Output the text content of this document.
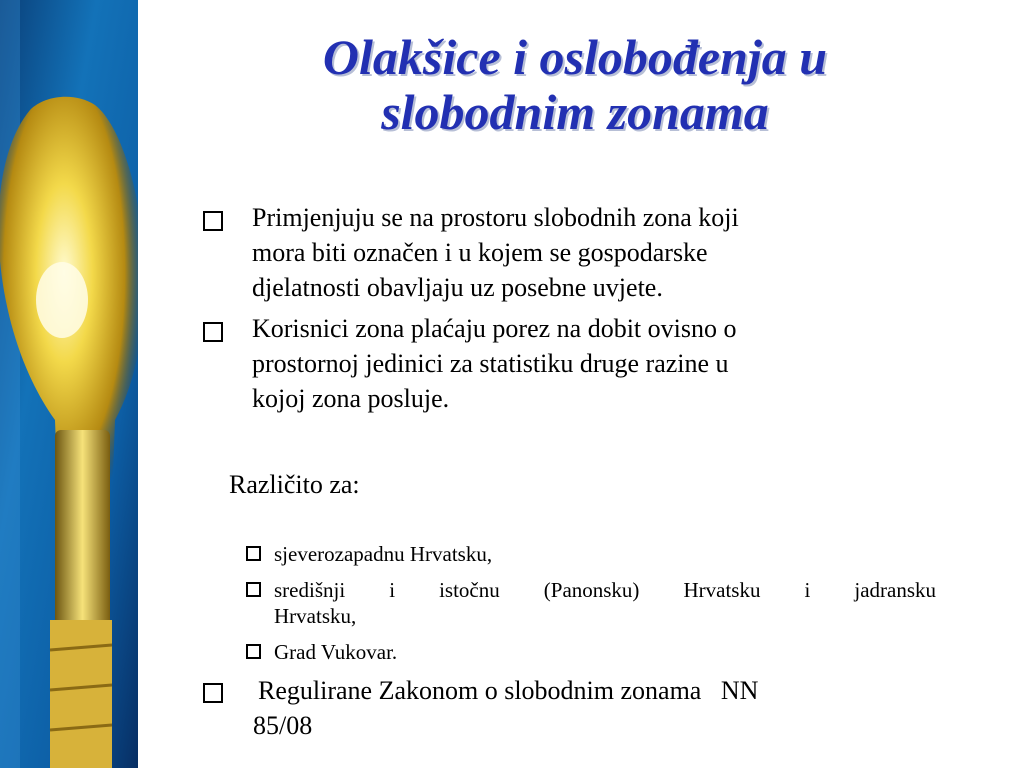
Olakšice i oslobođenja u
slobodnim zonama
Primjenjuju se na prostoru slobodnih zona koji
mora biti označen i u kojem se gospodarske
djelatnosti obavljaju uz posebne uvjete.
Korisnici zona plaćaju porez na dobit ovisno o
prostornoj jedinici za statistiku druge razine u
kojoj zona posluje.
Različito za:
sjeverozapadnu Hrvatsku,
središnji i istočnu (Panonsku) Hrvatsku i jadransku
Hrvatsku,
Grad Vukovar.
Regulirane Zakonom o slobodnim zonama   NN
85/08
